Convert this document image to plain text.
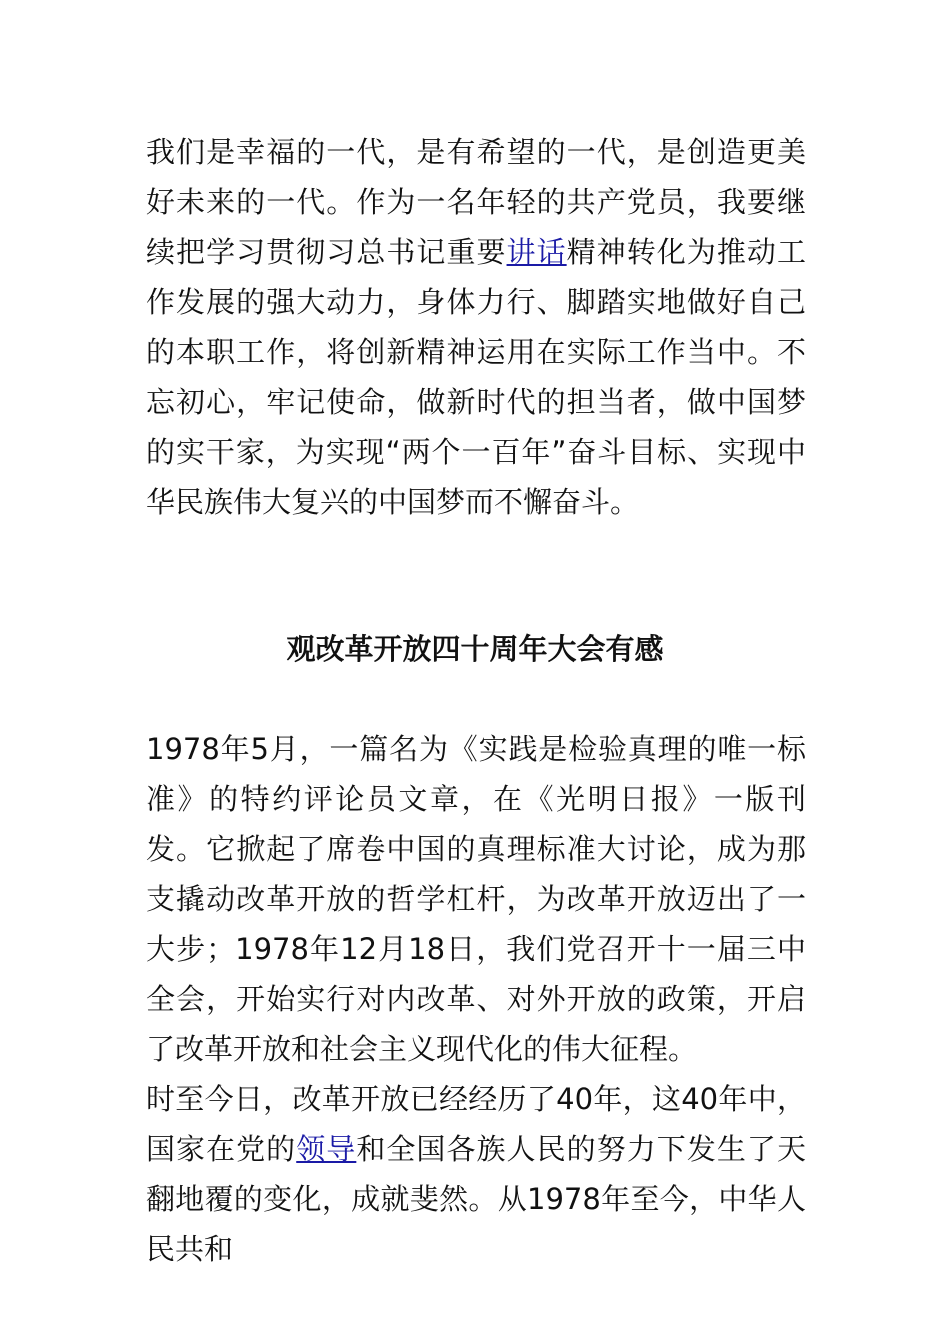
我们是幸福的一代，是有希望的一代，是创造更美好未来的一代。作为一名年轻的共产党员，我要继续把学习贯彻习总书记重要讲话精神转化为推动工作发展的强大动力，身体力行、脚踏实地做好自己的本职工作，将创新精神运用在实际工作当中。不忘初心，牢记使命，做新时代的担当者，做中国梦的实干家，为实现“两个一百年”奋斗目标、实现中华民族伟大复兴的中国梦而不懈奋斗。

观改革开放四十周年大会有感

1978年5月，一篇名为《实践是检验真理的唯一标准》的特约评论员文章，在《光明日报》一版刊发。它掀起了席卷中国的真理标准大讨论，成为那支撬动改革开放的哲学杠杆，为改革开放迈出了一大步；1978年12月18日，我们党召开十一届三中全会，开始实行对内改革、对外开放的政策，开启了改革开放和社会主义现代化的伟大征程。

时至今日，改革开放已经经历了40年，这40年中，国家在党的领导和全国各族人民的努力下发生了天翻地覆的变化，成就斐然。从1978年至今，中华人民共和
